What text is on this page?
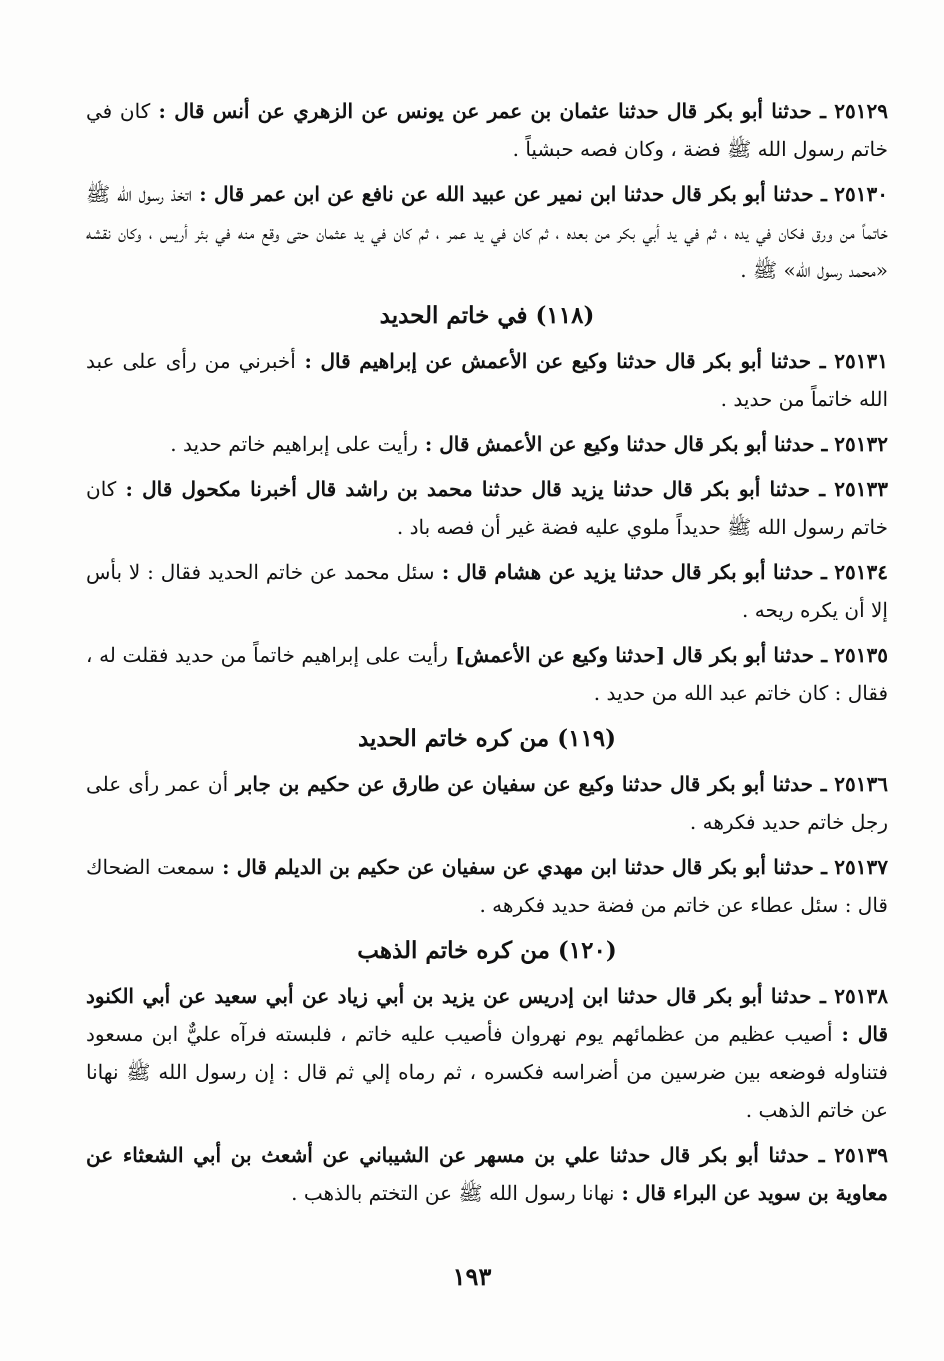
٢٥١٢٩ ـ حدثنا أبو بكر قال حدثنا عثمان بن عمر عن يونس عن الزهري عن أنس قال : كان في خاتم رسول الله ﷺ فضة ، وكان فصه حبشياً .

٢٥١٣٠ ـ حدثنا أبو بكر قال حدثنا ابن نمير عن عبيد الله عن نافع عن ابن عمر قال : اتخذ رسول الله ﷺ خاتماً من ورق فكان في يده ، ثم في يد أبي بكر من بعده ، ثم كان في يد عمر ، ثم كان في يد عثمان حتى وقع منه في بئر أريس ، وكان نقشه «محمد رسول الله» ﷺ .

(١١٨) في خاتم الحديد

٢٥١٣١ ـ حدثنا أبو بكر قال حدثنا وكيع عن الأعمش عن إبراهيم قال : أخبرني من رأى على عبد الله خاتماً من حديد .

٢٥١٣٢ ـ حدثنا أبو بكر قال حدثنا وكيع عن الأعمش قال : رأيت على إبراهيم خاتم حديد .

٢٥١٣٣ ـ حدثنا أبو بكر قال حدثنا يزيد قال حدثنا محمد بن راشد قال أخبرنا مكحول قال : كان خاتم رسول الله ﷺ حديداً ملوي عليه فضة غير أن فصه باد .

٢٥١٣٤ ـ حدثنا أبو بكر قال حدثنا يزيد عن هشام قال : سئل محمد عن خاتم الحديد فقال : لا بأس إلا أن يكره ريحه .

٢٥١٣٥ ـ حدثنا أبو بكر قال [حدثنا وكيع عن الأعمش] رأيت على إبراهيم خاتماً من حديد فقلت له ، فقال : كان خاتم عبد الله من حديد .

(١١٩) من كره خاتم الحديد

٢٥١٣٦ ـ حدثنا أبو بكر قال حدثنا وكيع عن سفيان عن طارق عن حكيم بن جابر أن عمر رأى على رجل خاتم حديد فكرهه .

٢٥١٣٧ ـ حدثنا أبو بكر قال حدثنا ابن مهدي عن سفيان عن حكيم بن الديلم قال : سمعت الضحاك قال : سئل عطاء عن خاتم من فضة حديد فكرهه .

(١٢٠) من كره خاتم الذهب

٢٥١٣٨ ـ حدثنا أبو بكر قال حدثنا ابن إدريس عن يزيد بن أبي زياد عن أبي سعيد عن أبي الكنود قال : أصيب عظيم من عظمائهم يوم نهروان فأصيب عليه خاتم ، فلبسته فرآه عليٌّ ابن مسعود فتناوله فوضعه بين ضرسين من أضراسه فكسره ، ثم رماه إلي ثم قال : إن رسول الله ﷺ نهانا عن خاتم الذهب .

٢٥١٣٩ ـ حدثنا أبو بكر قال حدثنا علي بن مسهر عن الشيباني عن أشعث بن أبي الشعثاء عن معاوية بن سويد عن البراء قال : نهانا رسول الله ﷺ عن التختم بالذهب .

١٩٣
